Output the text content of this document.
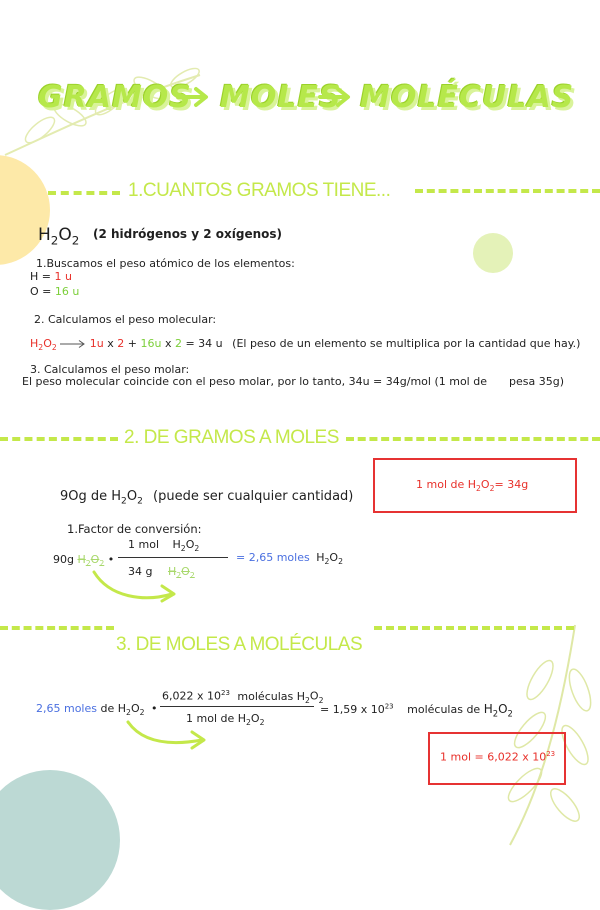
GRAMOS MOLES MOLÉCULAS
1.CUANTOS GRAMOS TIENE...
$H_2O_2$ (2 hidrógenos y 2 oxígenos)
1.Buscamos el peso atómico de los elementos:
H = 1 u
O = 16 u
2. Calculamos el peso molecular:
$H_2O_2$	1u x 2 + 16u x 2 = 34 u (El peso de un elemento se multiplica por la cantidad que hay.)
3. Calculamos el peso molar:
El peso molecular coincide con el peso molar, por lo tanto, 34u = 34g/mol (1 mol de pesa 35g)
2. DE GRAMOS A MOLES
1 mol de $H_2O_2= 34g$
9Og de $H_2O_2$ (puede ser cualquier cantidad)
1.Factor de conversión:
90g $H_2O_2$ •
1 mol $H_2O_2$
34 g $H_2O_2$
= 2,65 moles $H_2O_2$
3. DE MOLES A MOLÉCULAS
2,65 moles de $H_2O_2$ •
6,022 x $10^{23}$ moléculas $H_2O_2$
1 mol de $H_2O_2$
= 1,59 x $10^{23}$ moléculas de $H_2O_2$
1 mol = 6,022 x $10^{23}$
